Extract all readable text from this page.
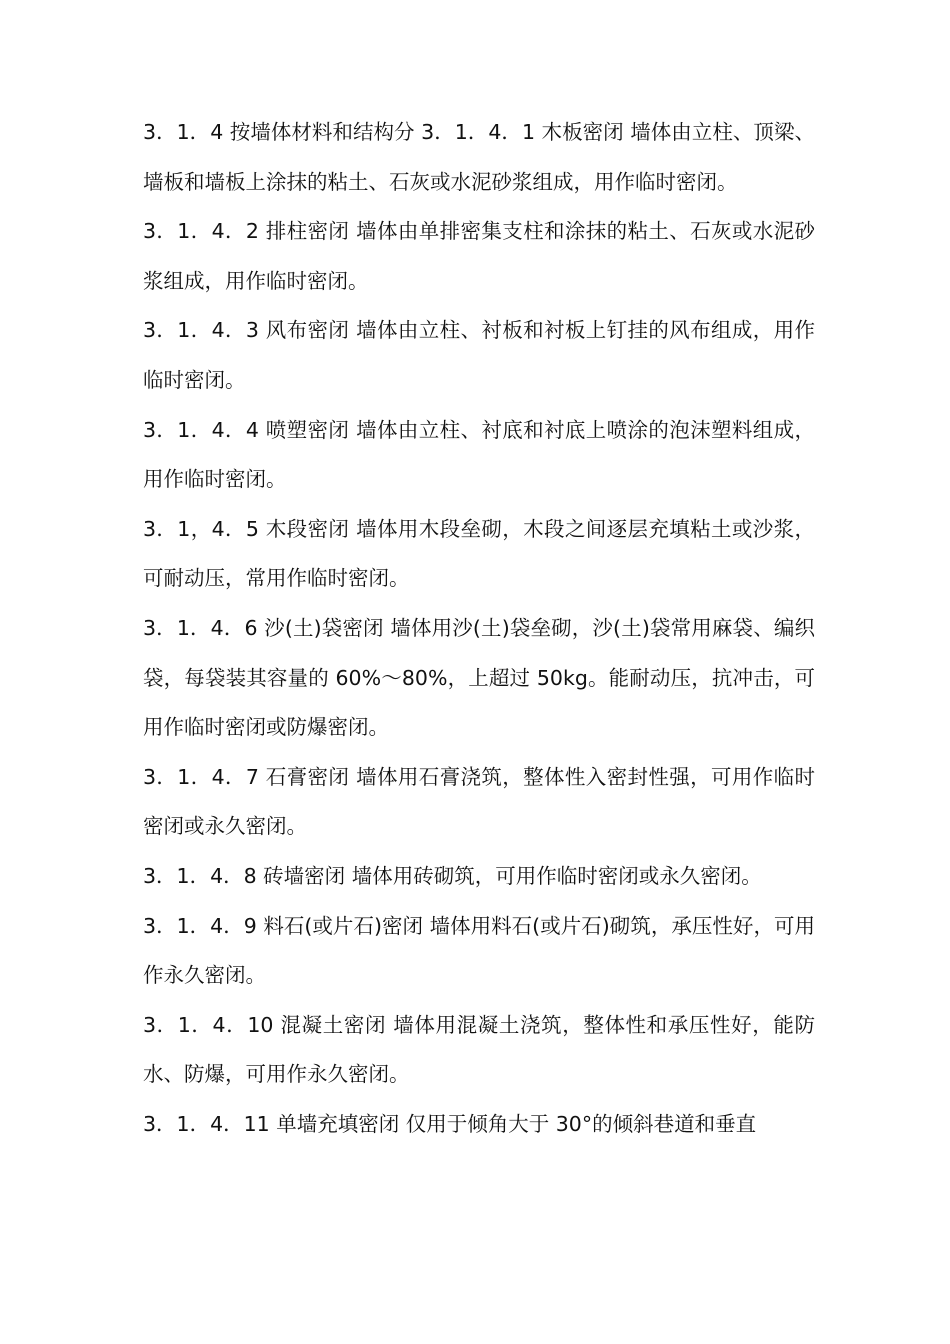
3．1．4 按墙体材料和结构分 3．1．4．1 木板密闭 墙体由立柱、顶梁、墙板和墙板上涂抹的粘土、石灰或水泥砂浆组成，用作临时密闭。

3．1．4．2 排柱密闭 墙体由单排密集支柱和涂抹的粘土、石灰或水泥砂浆组成，用作临时密闭。

3．1．4．3 风布密闭 墙体由立柱、衬板和衬板上钉挂的风布组成，用作临时密闭。

3．1．4．4 喷塑密闭 墙体由立柱、衬底和衬底上喷涂的泡沫塑料组成，用作临时密闭。

3．1，4．5 木段密闭 墙体用木段垒砌，木段之间逐层充填粘土或沙浆，可耐动压，常用作临时密闭。

3．1．4．6 沙(土)袋密闭 墙体用沙(土)袋垒砌，沙(土)袋常用麻袋、编织袋，每袋装其容量的 60%～80%，上超过 50kg。能耐动压，抗冲击，可用作临时密闭或防爆密闭。

3．1．4．7 石膏密闭 墙体用石膏浇筑，整体性入密封性强，可用作临时密闭或永久密闭。

3．1．4．8 砖墙密闭 墙体用砖砌筑，可用作临时密闭或永久密闭。

3．1．4．9 料石(或片石)密闭 墙体用料石(或片石)砌筑，承压性好，可用作永久密闭。

3．1．4．10 混凝土密闭 墙体用混凝土浇筑，整体性和承压性好，能防水、防爆，可用作永久密闭。

3．1．4．11 单墙充填密闭 仅用于倾角大于 30°的倾斜巷道和垂直
